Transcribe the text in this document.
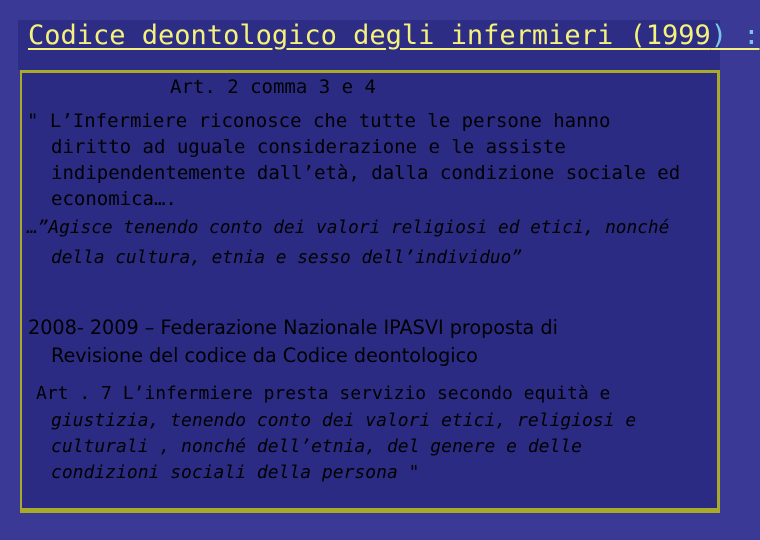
Codice deontologico degli infermieri (1999) :
Art. 2 comma 3 e 4
" L’Infermiere riconosce che tutte le persone hanno
diritto ad uguale considerazione e le assiste
indipendentemente dall’età, dalla condizione sociale ed
economica….
…”Agisce tenendo conto dei valori religiosi ed etici, nonché
della cultura, etnia e sesso dell’individuo”
2008- 2009 – Federazione Nazionale IPASVI proposta di
Revisione del codice da Codice deontologico
Art . 7 L’infermiere presta servizio secondo equità e
giustizia, tenendo conto dei valori etici, religiosi e
culturali , nonché dell’etnia, del genere e delle
condizioni sociali della persona "
